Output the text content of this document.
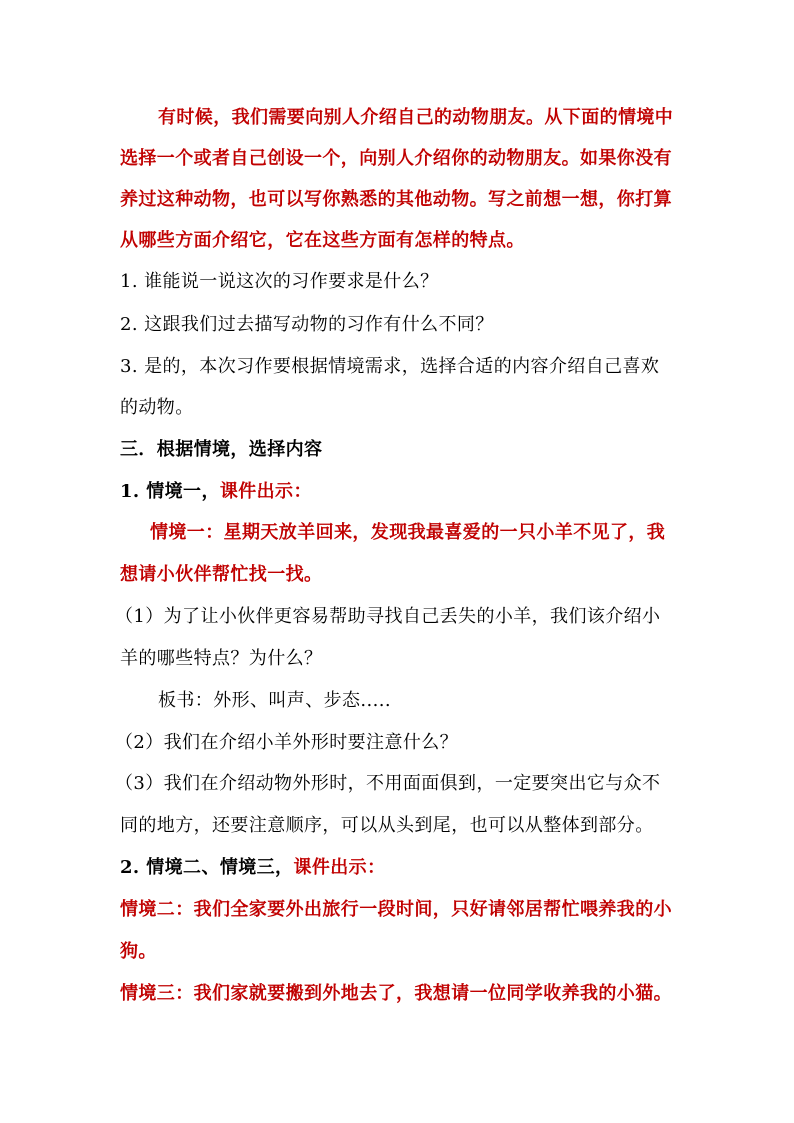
有时候，我们需要向别人介绍自己的动物朋友。从下面的情境中
选择一个或者自己创设一个，向别人介绍你的动物朋友。如果你没有
养过这种动物，也可以写你熟悉的其他动物。写之前想一想，你打算
从哪些方面介绍它，它在这些方面有怎样的特点。
1. 谁能说一说这次的习作要求是什么？
2. 这跟我们过去描写动物的习作有什么不同？
3. 是的，本次习作要根据情境需求，选择合适的内容介绍自己喜欢
的动物。
三．根据情境，选择内容
1. 情境一，课件出示：
情境一：星期天放羊回来，发现我最喜爱的一只小羊不见了，我
想请小伙伴帮忙找一找。
（1）为了让小伙伴更容易帮助寻找自己丢失的小羊，我们该介绍小
羊的哪些特点？为什么？
板书：外形、叫声、步态.....
（2）我们在介绍小羊外形时要注意什么？
（3）我们在介绍动物外形时，不用面面俱到，一定要突出它与众不
同的地方，还要注意顺序，可以从头到尾，也可以从整体到部分。
2. 情境二、情境三，课件出示：
情境二：我们全家要外出旅行一段时间，只好请邻居帮忙喂养我的小
狗。
情境三：我们家就要搬到外地去了，我想请一位同学收养我的小猫。
